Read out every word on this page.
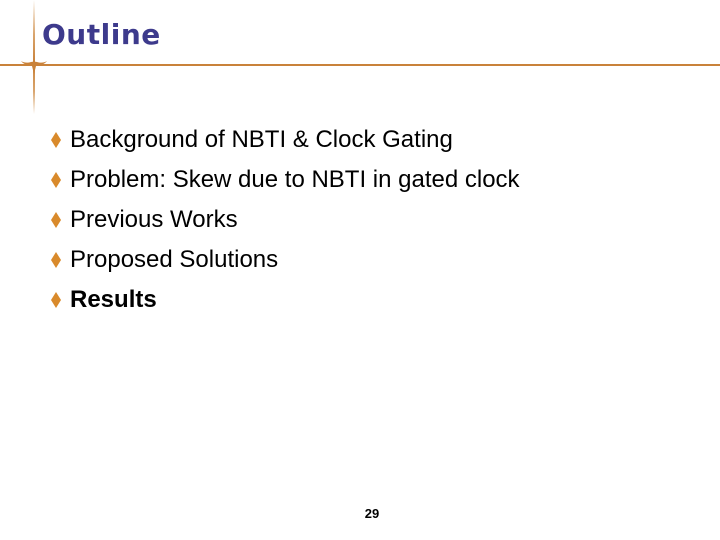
Outline
Background of NBTI & Clock Gating
Problem: Skew due to NBTI in gated clock
Previous Works
Proposed Solutions
Results
29
